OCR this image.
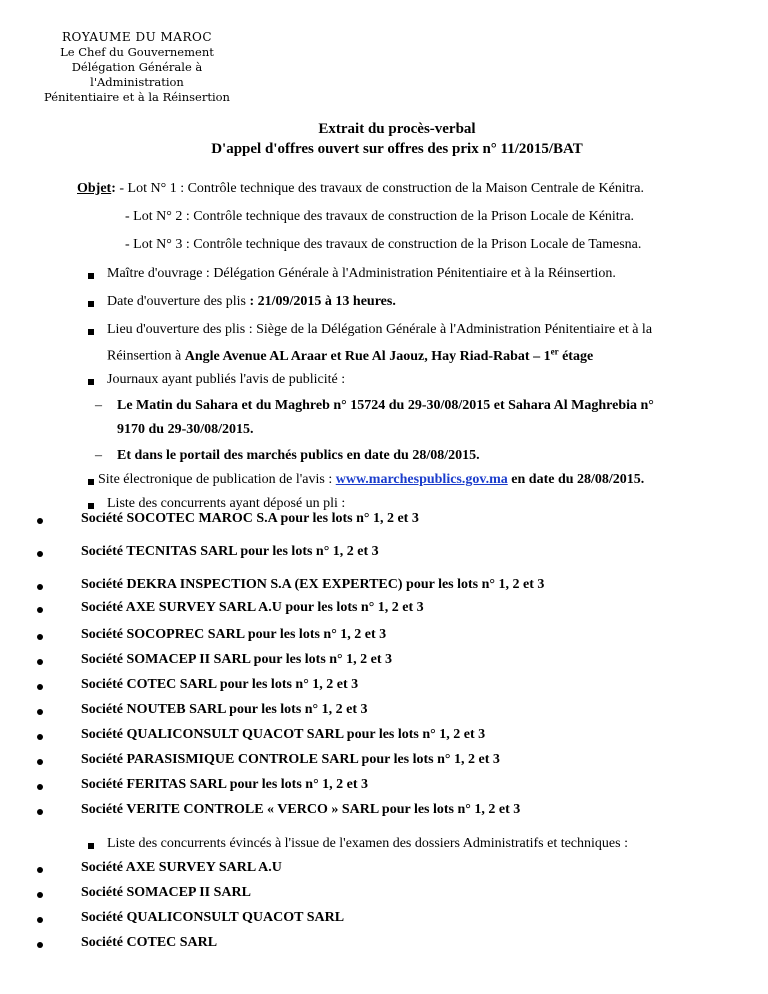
ROYAUME DU MAROC
Le Chef du Gouvernement
Délégation Générale à l'Administration
Pénitentiaire et à la Réinsertion
Extrait du procès-verbal
D'appel d'offres ouvert sur offres des prix n° 11/2015/BAT
Objet: - Lot N° 1 : Contrôle technique des travaux de construction de la Maison Centrale de Kénitra.
- Lot N° 2 : Contrôle technique des travaux de construction de la Prison Locale de Kénitra.
- Lot N° 3 : Contrôle technique des travaux de construction de la Prison Locale de Tamesna.
Maître d'ouvrage : Délégation Générale à l'Administration Pénitentiaire et à la Réinsertion.
Date d'ouverture des plis : 21/09/2015 à 13 heures.
Lieu d'ouverture des plis : Siège de la Délégation Générale à l'Administration Pénitentiaire et à la
Réinsertion à Angle Avenue AL Araar et Rue Al Jaouz, Hay Riad-Rabat – 1er étage
Journaux ayant publiés l'avis de publicité :
– Le Matin du Sahara et du Maghreb n° 15724 du 29-30/08/2015 et Sahara Al Maghrebia n°
9170 du 29-30/08/2015.
– Et dans le portail des marchés publics en date du 28/08/2015.
Site électronique de publication de l'avis : www.marchespublics.gov.ma en date du 28/08/2015.
Liste des concurrents ayant déposé un pli :
Société SOCOTEC MAROC S.A pour les lots n° 1, 2 et 3
Société TECNITAS SARL pour les lots n° 1, 2 et 3
Société DEKRA INSPECTION S.A (EX EXPERTEC) pour les lots n° 1, 2 et 3
Société AXE SURVEY SARL A.U pour les lots n° 1, 2 et 3
Société SOCOPREC SARL pour les lots n° 1, 2 et 3
Société SOMACEP II SARL pour les lots n° 1, 2 et 3
Société COTEC SARL pour les lots n° 1, 2 et 3
Société NOUTEB SARL pour les lots n° 1, 2 et 3
Société QUALICONSULT QUACOT SARL pour les lots n° 1, 2 et 3
Société PARASISMIQUE CONTROLE SARL pour les lots n° 1, 2 et 3
Société FERITAS SARL pour les lots n° 1, 2 et 3
Société VERITE CONTROLE « VERCO » SARL pour les lots n° 1, 2 et 3
Liste des concurrents évincés à l'issue de l'examen des dossiers Administratifs et techniques :
Société AXE SURVEY SARL A.U
Société SOMACEP II SARL
Société QUALICONSULT QUACOT SARL
Société COTEC SARL
